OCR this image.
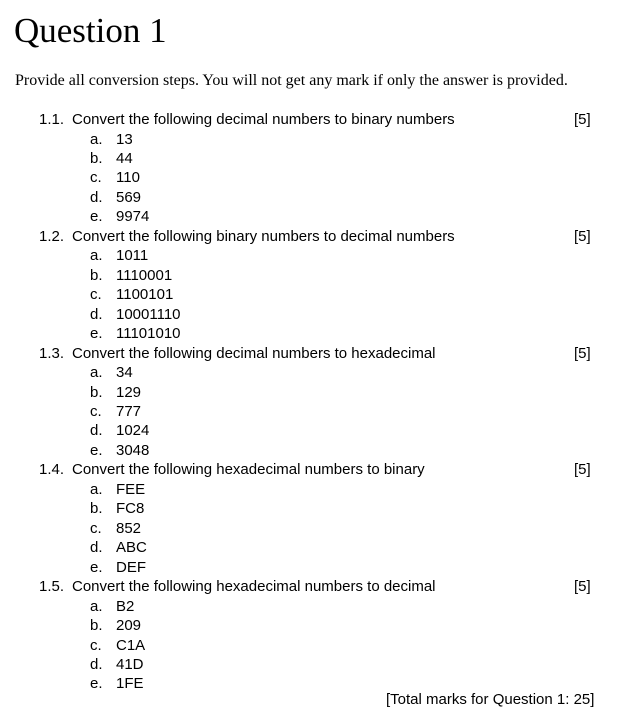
Question 1
Provide all conversion steps. You will not get any mark if only the answer is provided.
1.1. Convert the following decimal numbers to binary numbers	[5]
a. 13
b. 44
c. 110
d. 569
e. 9974
1.2. Convert the following binary numbers to decimal numbers	[5]
a. 1011
b. 1110001
c. 1100101
d. 10001110
e. 11101010
1.3. Convert the following decimal numbers to hexadecimal	[5]
a. 34
b. 129
c. 777
d. 1024
e. 3048
1.4. Convert the following hexadecimal numbers to binary	[5]
a. FEE
b. FC8
c. 852
d. ABC
e. DEF
1.5. Convert the following hexadecimal numbers to decimal	[5]
a. B2
b. 209
c. C1A
d. 41D
e. 1FE
[Total marks for Question 1: 25]
